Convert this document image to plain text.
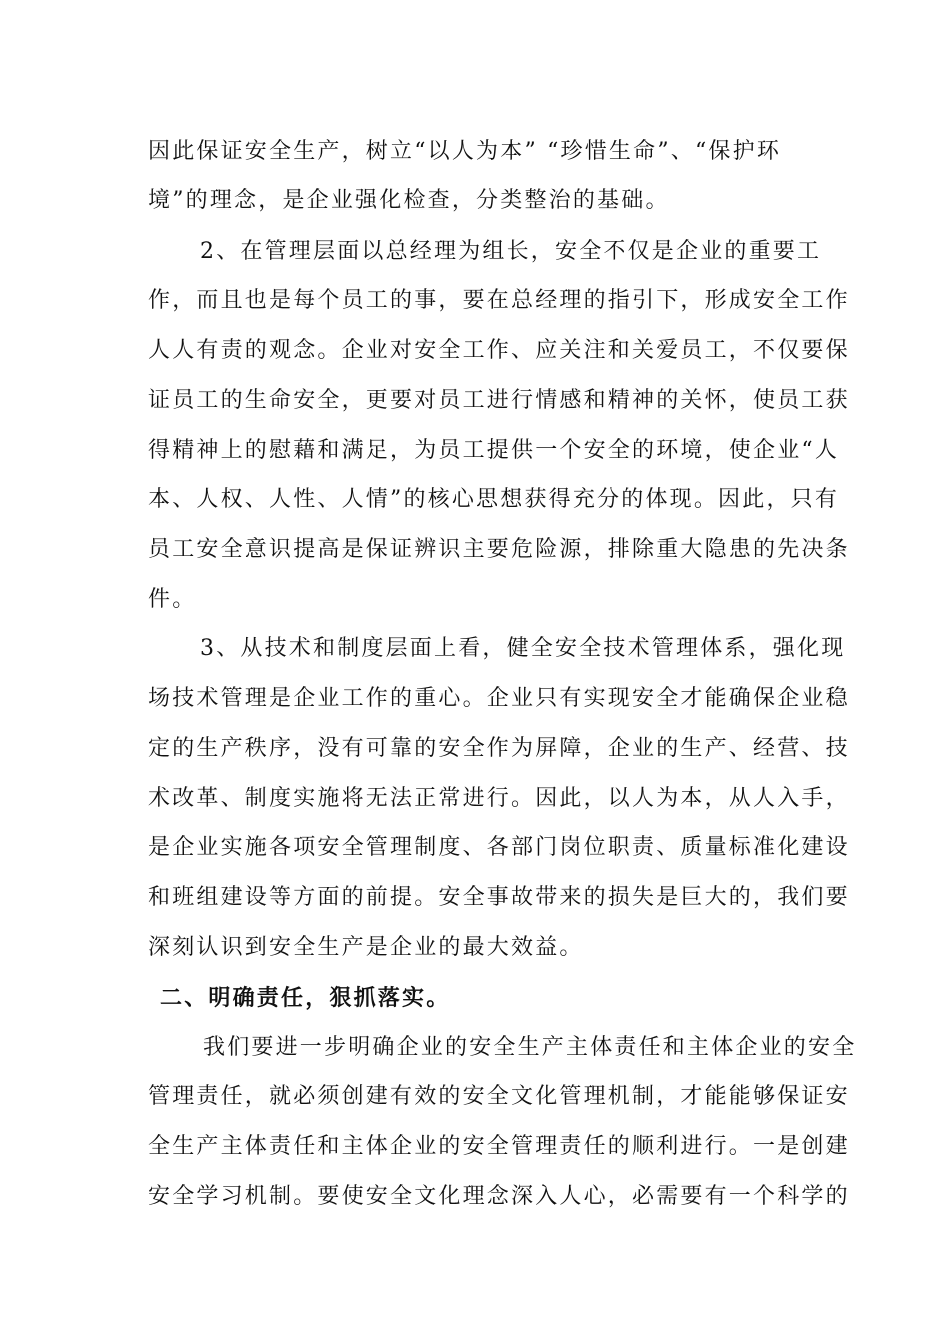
因此保证安全生产，树立“以人为本” “珍惜生命”、“保护环
境”的理念，是企业强化检查，分类整治的基础。
2、在管理层面以总经理为组长，安全不仅是企业的重要工
作，而且也是每个员工的事，要在总经理的指引下，形成安全工作
人人有责的观念。企业对安全工作、应关注和关爱员工，不仅要保
证员工的生命安全，更要对员工进行情感和精神的关怀，使员工获
得精神上的慰藉和满足，为员工提供一个安全的环境，使企业“人
本、人权、人性、人情”的核心思想获得充分的体现。因此，只有
员工安全意识提高是保证辨识主要危险源，排除重大隐患的先决条
件。
3、从技术和制度层面上看，健全安全技术管理体系，强化现
场技术管理是企业工作的重心。企业只有实现安全才能确保企业稳
定的生产秩序，没有可靠的安全作为屏障，企业的生产、经营、技
术改革、制度实施将无法正常进行。因此，以人为本，从人入手，
是企业实施各项安全管理制度、各部门岗位职责、质量标准化建设
和班组建设等方面的前提。安全事故带来的损失是巨大的，我们要
深刻认识到安全生产是企业的最大效益。
二、明确责任，狠抓落实。
我们要进一步明确企业的安全生产主体责任和主体企业的安全
管理责任，就必须创建有效的安全文化管理机制，才能能够保证安
全生产主体责任和主体企业的安全管理责任的顺利进行。一是创建
安全学习机制。要使安全文化理念深入人心，必需要有一个科学的
